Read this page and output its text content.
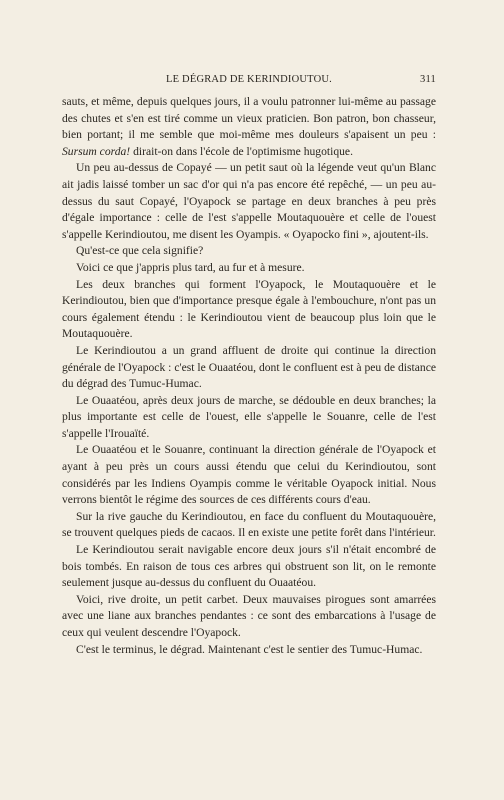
LE DÉGRAD DE KERINDIOUTOU.	311

sauts, et même, depuis quelques jours, il a voulu patronner lui-même au passage des chutes et s'en est tiré comme un vieux praticien. Bon patron, bon chasseur, bien portant; il me semble que moi-même mes douleurs s'apaisent un peu : Sursum corda! dirait-on dans l'école de l'optimisme hugotique.

Un peu au-dessus de Copayé — un petit saut où la légende veut qu'un Blanc ait jadis laissé tomber un sac d'or qui n'a pas encore été repêché, — un peu au-dessus du saut Copayé, l'Oyapock se partage en deux branches à peu près d'égale importance : celle de l'est s'appelle Moutaquouère et celle de l'ouest s'appelle Kerindioutou, me disent les Oyampis. « Oyapocko fini », ajoutent-ils.

Qu'est-ce que cela signifie?

Voici ce que j'appris plus tard, au fur et à mesure.

Les deux branches qui forment l'Oyapock, le Moutaquouère et le Kerindioutou, bien que d'importance presque égale à l'embouchure, n'ont pas un cours également étendu : le Kerindioutou vient de beaucoup plus loin que le Moutaquouère.

Le Kerindioutou a un grand affluent de droite qui continue la direction générale de l'Oyapock : c'est le Ouaatéou, dont le confluent est à peu de distance du dégrad des Tumuc-Humac.

Le Ouaatéou, après deux jours de marche, se dédouble en deux branches; la plus importante est celle de l'ouest, elle s'appelle le Souanre, celle de l'est s'appelle l'Irouaïté.

Le Ouaatéou et le Souanre, continuant la direction générale de l'Oyapock et ayant à peu près un cours aussi étendu que celui du Kerindioutou, sont considérés par les Indiens Oyampis comme le véritable Oyapock initial. Nous verrons bientôt le régime des sources de ces différents cours d'eau.

Sur la rive gauche du Kerindioutou, en face du confluent du Moutaquouère, se trouvent quelques pieds de cacaos. Il en existe une petite forêt dans l'intérieur.

Le Kerindioutou serait navigable encore deux jours s'il n'était encombré de bois tombés. En raison de tous ces arbres qui obstruent son lit, on le remonte seulement jusque au-dessus du confluent du Ouaatéou.

Voici, rive droite, un petit carbet. Deux mauvaises pirogues sont amarrées avec une liane aux branches pendantes : ce sont des embarcations à l'usage de ceux qui veulent descendre l'Oyapock.

C'est le terminus, le dégrad. Maintenant c'est le sentier des Tumuc-Humac.
